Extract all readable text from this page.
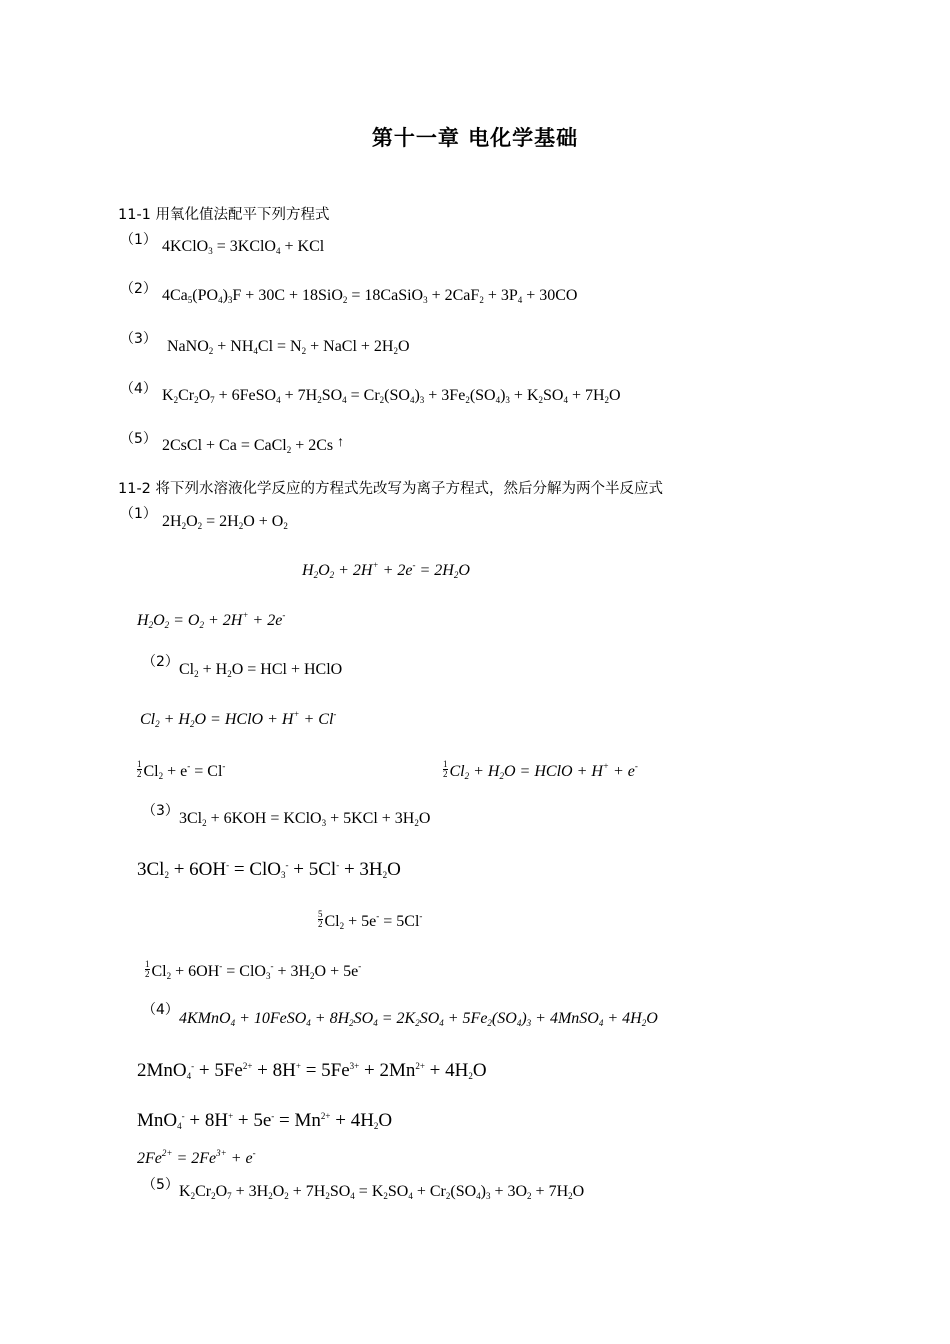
第十一章 电化学基础
11-1 用氧化值法配平下列方程式
（1） 4KClO$_3$ = 3KClO$_4$ + KCl
（2） $4Ca_5(PO_4)_3F + 30C + 18SiO_2$ = 18CaSiO$_3$ + $2CaF_2 + 3P_4 + 30CO$
（3） NaNO$_2$ + $NH_4Cl = N_2$ + NaCl + $2H_2O$
（4） $K_2Cr_2O_7$ + 6FeSO$_4$ + $7H_2SO_4 = Cr_2(SO_4)_3 + 3Fe_2(SO_4)_3 + K_2SO_4 + 7H_2O$
（5） 2CsCl + Ca = CaCl$_2$ + 2Cs ↑
11-2 将下列水溶液化学反应的方程式先改写为离子方程式，然后分解为两个半反应式
（1） $2H_2O_2 = 2H_2O + O_2$
$H_2O_2 + 2H^+ + 2e^- = 2H_2O$
$H_2O_2 = O_2 + 2H^+ + 2e^-$
（2） $Cl_2 + H_2O$ = HCl + HClO
$Cl_2 + H_2O$ = HClO + H+ + Cl-
$\frac{1}{2} Cl_2 + e^- = Cl^-$	$\frac{1}{2} Cl_2 + H_2O$ = HClO + H+ + e-
（3） $3Cl_2 + 6KOH$ = KClO$_3$ + $5KCl + 3H_2O$
$3Cl_2 + 6OH^- = ClO_3^- + 5Cl^- + 3H_2O$
$\frac{5}{2} Cl_2 + 5e^- = 5Cl^-$
$\frac{1}{2} Cl_2 + 6OH^- = ClO_3^- + 3H_2O + 5e^-$
（4） 4KMnO$_4$ + 10FeSO$_4$ + $8H_2SO_4 = 2K_2SO_4 + 5Fe_2(SO_4)_3$ + 4MnSO$_4$ + $4H_2O$
$2MnO_4^- + 5Fe^{2+} + 8H^+ = 5Fe^{3+} + 2Mn^{2+} + 4H_2O$
$MnO_4^- + 8H^+ + 5e^- = Mn^{2+} + 4H_2O$
$2Fe^{2+} = 2Fe^{3+} + e^-$
（5） $K_2Cr_2O_7 + 3H_2O_2 + 7H_2SO_4 = K_2SO_4 + Cr_2(SO_4)_3 + 3O_2 + 7H_2O$
